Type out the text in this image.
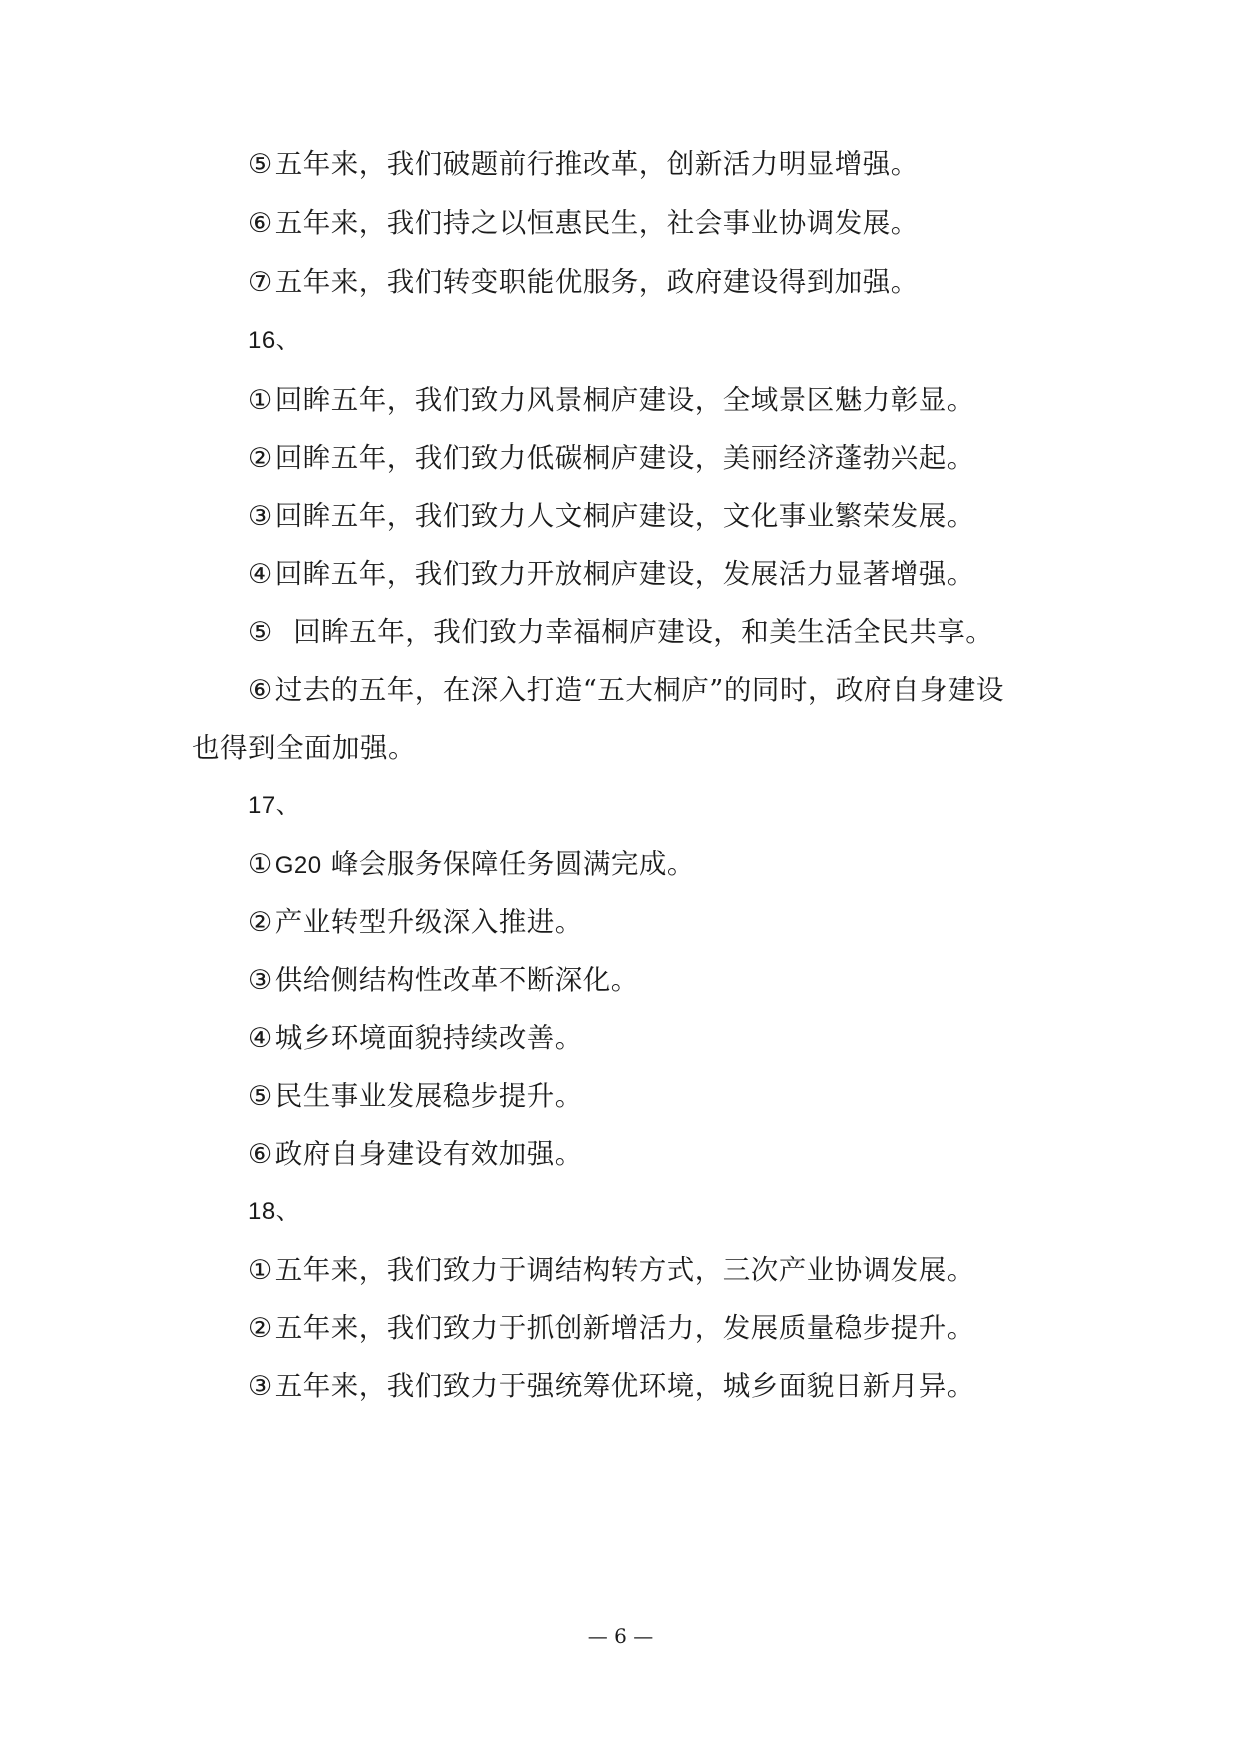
⑤五年来，我们破题前行推改革，创新活力明显增强。
⑥五年来，我们持之以恒惠民生，社会事业协调发展。
⑦五年来，我们转变职能优服务，政府建设得到加强。
16、
①回眸五年，我们致力风景桐庐建设，全域景区魅力彰显。
②回眸五年，我们致力低碳桐庐建设，美丽经济蓬勃兴起。
③回眸五年，我们致力人文桐庐建设，文化事业繁荣发展。
④回眸五年，我们致力开放桐庐建设，发展活力显著增强。
⑤  回眸五年，我们致力幸福桐庐建设，和美生活全民共享。
⑥过去的五年，在深入打造“五大桐庐”的同时，政府自身建设
也得到全面加强。
17、
①G20 峰会服务保障任务圆满完成。
②产业转型升级深入推进。
③供给侧结构性改革不断深化。
④城乡环境面貌持续改善。
⑤民生事业发展稳步提升。
⑥政府自身建设有效加强。
18、
①五年来，我们致力于调结构转方式，三次产业协调发展。
②五年来，我们致力于抓创新增活力，发展质量稳步提升。
③五年来，我们致力于强统筹优环境，城乡面貌日新月异。
— 6 —
